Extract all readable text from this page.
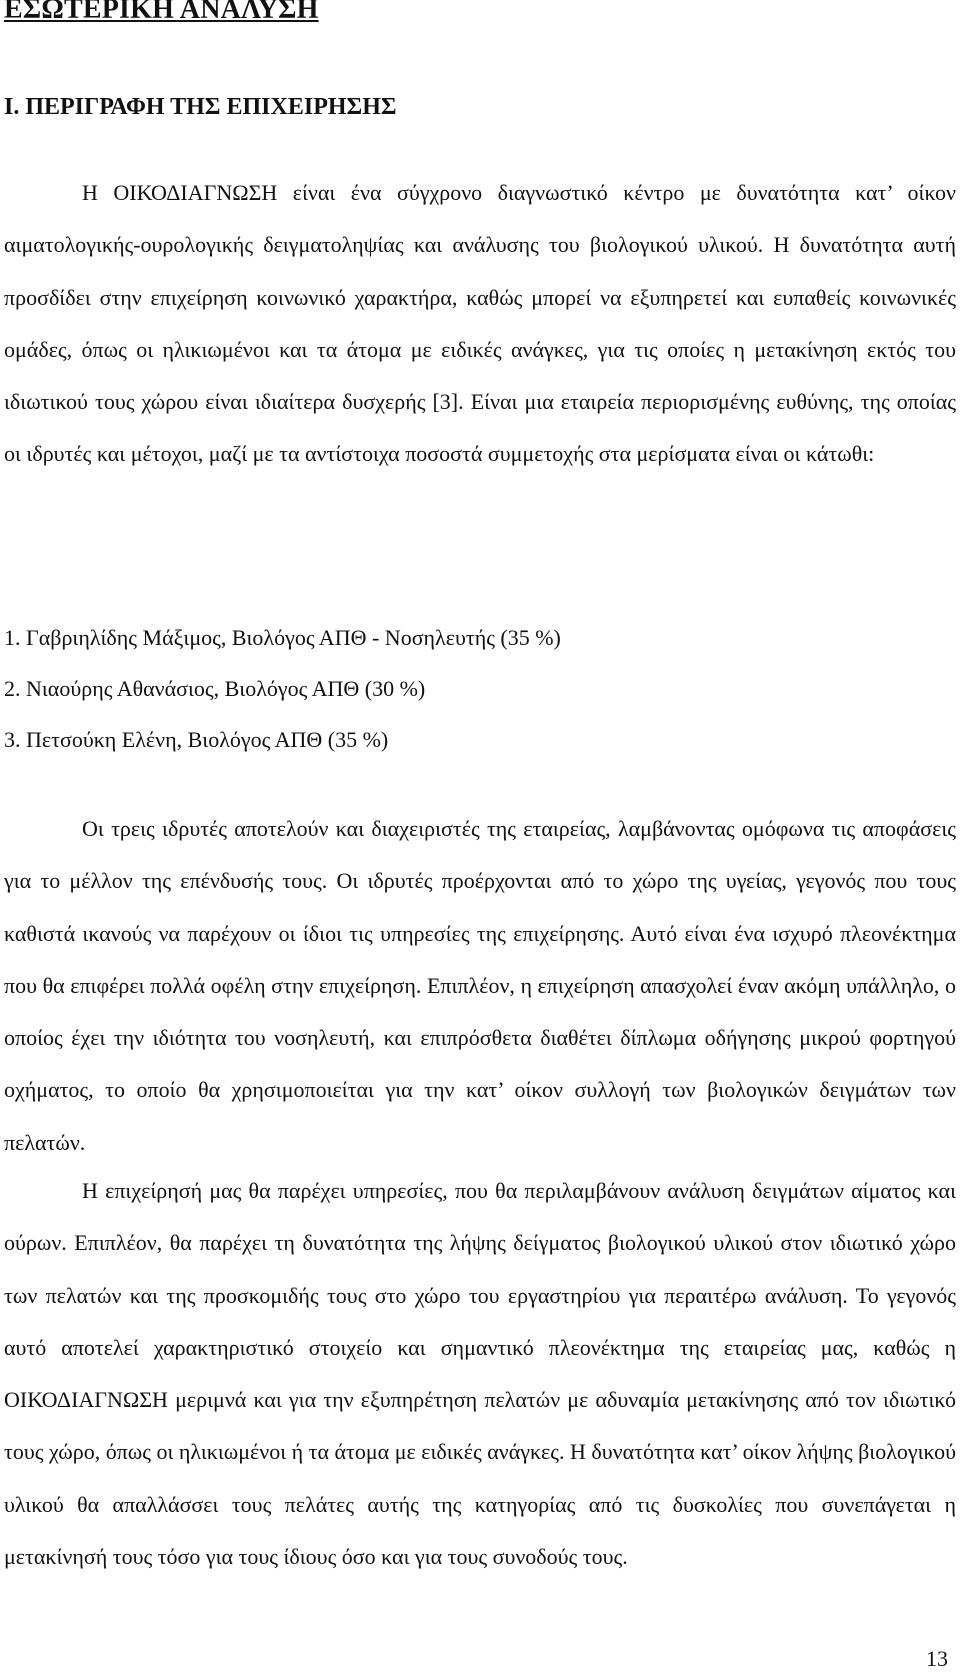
ΕΣΩΤΕΡΙΚΗ ΑΝΑΛΥΣΗ
Ι. ΠΕΡΙΓΡΑΦΗ ΤΗΣ ΕΠΙΧΕΙΡΗΣΗΣ

Η ΟΙΚΟΔΙΑΓΝΩΣΗ είναι ένα σύγχρονο διαγνωστικό κέντρο με δυνατότητα κατ’ οίκον αιματολογικής-ουρολογικής δειγματοληψίας και ανάλυσης του βιολογικού υλικού. Η δυνατότητα αυτή προσδίδει στην επιχείρηση κοινωνικό χαρακτήρα, καθώς μπορεί να εξυπηρετεί και ευπαθείς κοινωνικές ομάδες, όπως οι ηλικιωμένοι και τα άτομα με ειδικές ανάγκες, για τις οποίες η μετακίνηση εκτός του ιδιωτικού τους χώρου είναι ιδιαίτερα δυσχερής [3]. Είναι μια εταιρεία περιορισμένης ευθύνης, της οποίας οι ιδρυτές και μέτοχοι, μαζί με τα αντίστοιχα ποσοστά συμμετοχής στα μερίσματα είναι οι κάτωθι:

1. Γαβριηλίδης Μάξιμος, Βιολόγος ΑΠΘ - Νοσηλευτής (35 %)
2. Νιαούρης Αθανάσιος, Βιολόγος ΑΠΘ (30 %)
3. Πετσούκη Ελένη, Βιολόγος ΑΠΘ (35 %)

Οι τρεις ιδρυτές αποτελούν και διαχειριστές της εταιρείας, λαμβάνοντας ομόφωνα τις αποφάσεις για το μέλλον της επένδυσής τους. Οι ιδρυτές προέρχονται από το χώρο της υγείας, γεγονός που τους καθιστά ικανούς να παρέχουν οι ίδιοι τις υπηρεσίες της επιχείρησης. Αυτό είναι ένα ισχυρό πλεονέκτημα που θα επιφέρει πολλά οφέλη στην επιχείρηση. Επιπλέον, η επιχείρηση απασχολεί έναν ακόμη υπάλληλο, ο οποίος έχει την ιδιότητα του νοσηλευτή, και επιπρόσθετα διαθέτει δίπλωμα οδήγησης μικρού φορτηγού οχήματος, το οποίο θα χρησιμοποιείται για την κατ’ οίκον συλλογή των βιολογικών δειγμάτων των πελατών.

Η επιχείρησή μας θα παρέχει υπηρεσίες, που θα περιλαμβάνουν ανάλυση δειγμάτων αίματος και ούρων. Επιπλέον, θα παρέχει τη δυνατότητα της λήψης δείγματος βιολογικού υλικού στον ιδιωτικό χώρο των πελατών και της προσκομιδής τους στο χώρο του εργαστηρίου για περαιτέρω ανάλυση. Το γεγονός αυτό αποτελεί χαρακτηριστικό στοιχείο και σημαντικό πλεονέκτημα της εταιρείας μας, καθώς η ΟΙΚΟΔΙΑΓΝΩΣΗ μεριμνά και για την εξυπηρέτηση πελατών με αδυναμία μετακίνησης από τον ιδιωτικό τους χώρο, όπως οι ηλικιωμένοι ή τα άτομα με ειδικές ανάγκες. Η δυνατότητα κατ’ οίκον λήψης βιολογικού υλικού θα απαλλάσσει τους πελάτες αυτής της κατηγορίας από τις δυσκολίες που συνεπάγεται η μετακίνησή τους τόσο για τους ίδιους όσο και για τους συνοδούς τους.

13
